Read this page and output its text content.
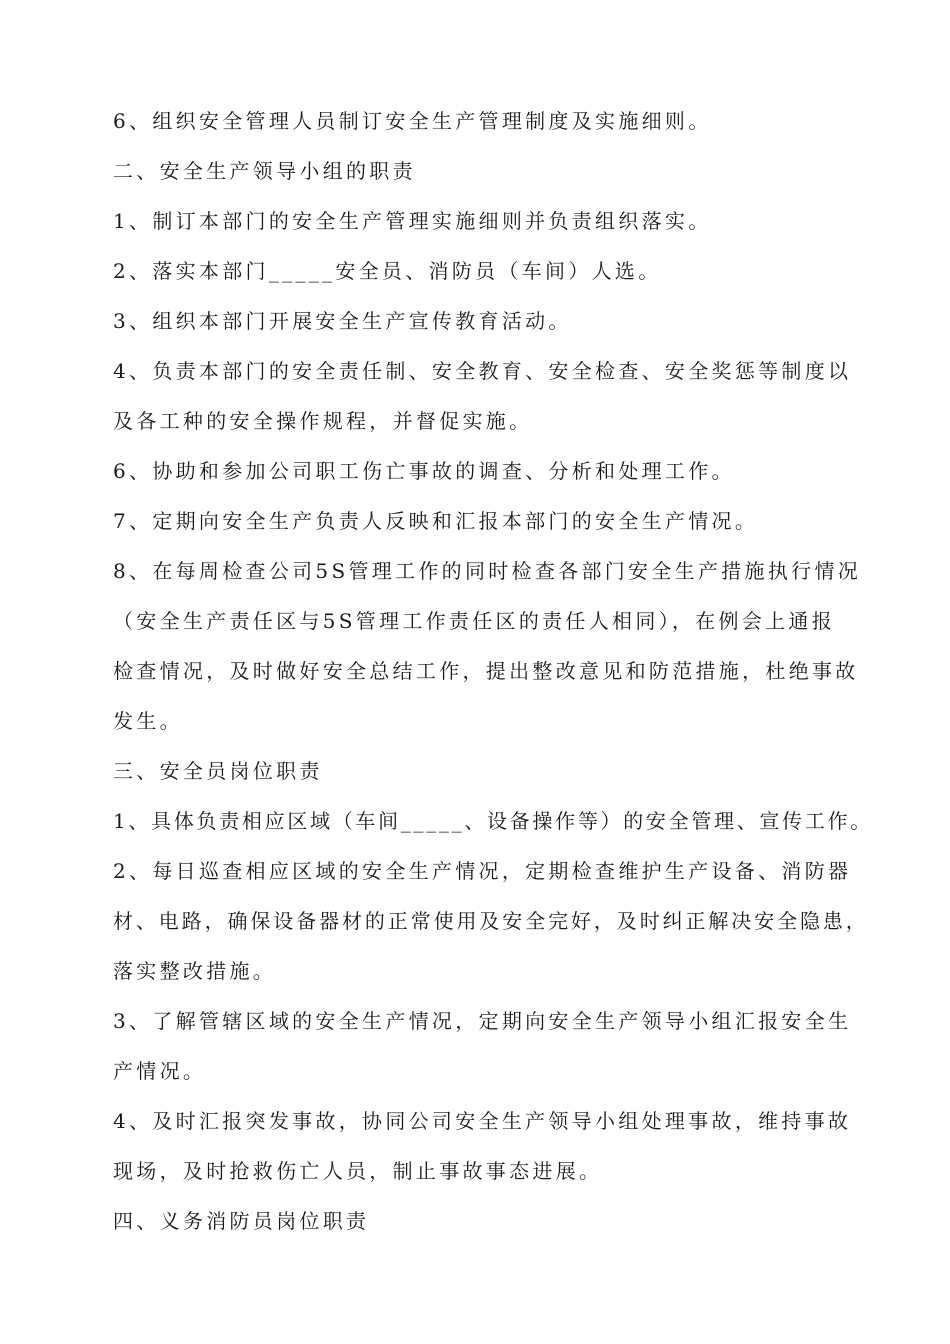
6、组织安全管理人员制订安全生产管理制度及实施细则。
二、安全生产领导小组的职责
1、制订本部门的安全生产管理实施细则并负责组织落实。
2、落实本部门_____安全员、消防员（车间）人选。
3、组织本部门开展安全生产宣传教育活动。
4、负责本部门的安全责任制、安全教育、安全检查、安全奖惩等制度以
及各工种的安全操作规程，并督促实施。
6、协助和参加公司职工伤亡事故的调查、分析和处理工作。
7、定期向安全生产负责人反映和汇报本部门的安全生产情况。
8、在每周检查公司5S管理工作的同时检查各部门安全生产措施执行情况
（安全生产责任区与5S管理工作责任区的责任人相同），在例会上通报
检查情况，及时做好安全总结工作，提出整改意见和防范措施，杜绝事故
发生。
三、安全员岗位职责
1、具体负责相应区域（车间_____、设备操作等）的安全管理、宣传工作。
2、每日巡查相应区域的安全生产情况，定期检查维护生产设备、消防器
材、电路，确保设备器材的正常使用及安全完好，及时纠正解决安全隐患，
落实整改措施。
3、了解管辖区域的安全生产情况，定期向安全生产领导小组汇报安全生
产情况。
4、及时汇报突发事故，协同公司安全生产领导小组处理事故，维持事故
现场，及时抢救伤亡人员，制止事故事态进展。
四、义务消防员岗位职责
